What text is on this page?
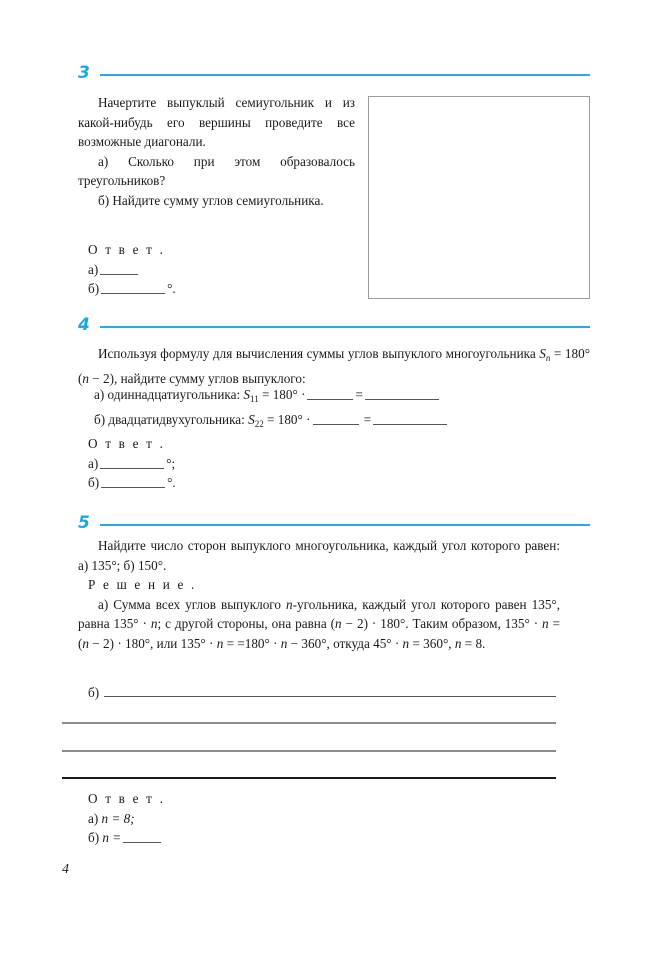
3

Начертите выпуклый семиугольник и из какой-нибудь его вершины проведите все возможные диагонали.

а) Сколько при этом образовалось треугольников?

б) Найдите сумму углов семиугольника.

О т в е т .

а)

б)	°.

4

Используя формулу для вычисления суммы углов выпуклого многоугольника $S_n = 180^\circ(n - 2)$, найдите сумму углов выпуклого:

а) одиннадцатиугольника: $S_{11} = 180^\circ$ ·	=

б) двадцатидвухугольника: $S_{22} = 180^\circ$ ·	=

О т в е т .

а)	°;

б)	°.

5

Найдите число сторон выпуклого многоугольника, каждый угол которого равен: а) 135°; б) 150°.

Р е ш е н и е .

а) Сумма всех углов выпуклого n-угольника, каждый угол которого равен 135°, равна 135° · n; с другой стороны, она равна (n − 2) · 180°. Таким образом, 135° · n = (n − 2) · 180°, или 135° · n = =180° · n − 360°, откуда 45° · n = 360°, n = 8.

б)

О т в е т .

а) n = 8;

б) n =

4
